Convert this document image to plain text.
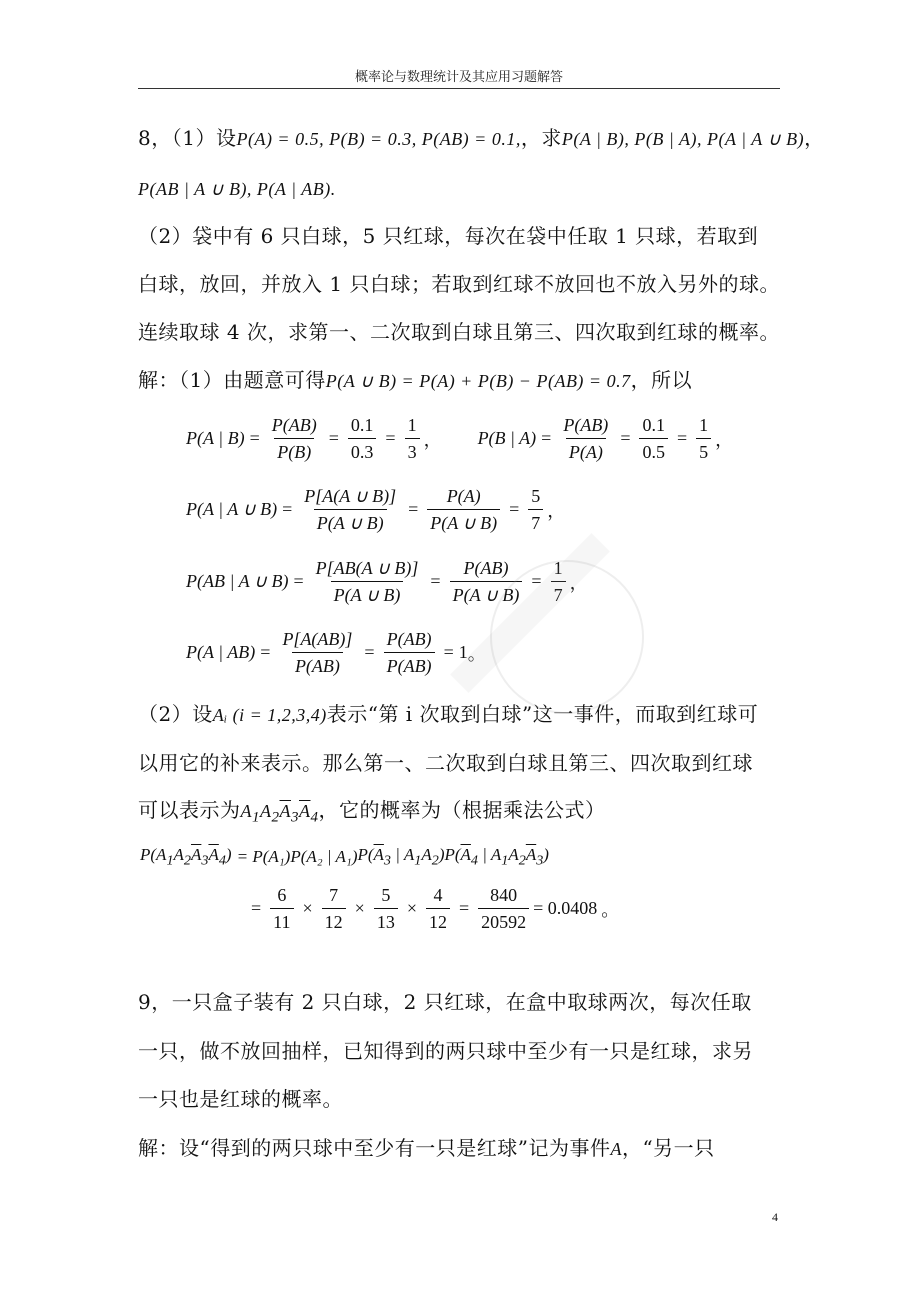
概率论与数理统计及其应用习题解答
8，（1）设P(A) = 0.5, P(B) = 0.3, P(AB) = 0.1,，求P(A | B), P(B | A), P(A | A ∪ B)，
P(AB | A ∪ B), P(A | AB).
（2）袋中有 6 只白球，5 只红球，每次在袋中任取 1 只球，若取到
白球，放回，并放入 1 只白球；若取到红球不放回也不放入另外的球。
连续取球 4 次，求第一、二次取到白球且第三、四次取到红球的概率。
解：（1）由题意可得P(A ∪ B) = P(A) + P(B) − P(AB) = 0.7，所以
P(A | $B) = \frac{P(AB)}{P(B)} = \frac{0.1}{0.3} = \frac{1}{3}$ ， P(B | $A) = \frac{P(AB)}{P(A)} = \frac{0.1}{0.5} = \frac{1}{5}$ ，
P(A | A ∪ $B) = \frac{P[A(A \cup B)]}{P(A \cup B)} = \frac{P(A)}{P(A \cup B)} = \frac{5}{7}$ ，
P(AB | A ∪ $B) = \frac{P[AB(A \cup B)]}{P(A \cup B)} = \frac{P(AB)}{P(A \cup B)} = \frac{1}{7}$ ，
P(A | $AB) = \frac{P[A(AB)]}{P(AB)} = \frac{P(AB)}{P(AB)} = 1$ 。
（2）设Aᵢ (i = 1,2,3,4)表示“第 i 次取到白球”这一事件，而取到红球可
以用它的补来表示。那么第一、二次取到白球且第三、四次取到红球
可以表示为$A_1A_2\overline{A}_3\overline{A}_4$，它的概率为（根据乘法公式）
$P(A_1A_2\overline{A}_3\overline{A}_4) = P(A_1)P(A_2$ | A₁) $P(\overline{A}_3$ | $A_1A_2)P(\overline{A}_4$ | $A_1A_2\overline{A}_3$)
= $\frac{6}{11} \times \frac{7}{12} \times \frac{5}{13} \times \frac{4}{12} = \frac{840}{20592} = 0.0408$ 。
9，一只盒子装有 2 只白球，2 只红球，在盒中取球两次，每次任取
一只，做不放回抽样，已知得到的两只球中至少有一只是红球，求另
一只也是红球的概率。
解：设“得到的两只球中至少有一只是红球”记为事件A，“另一只
4
